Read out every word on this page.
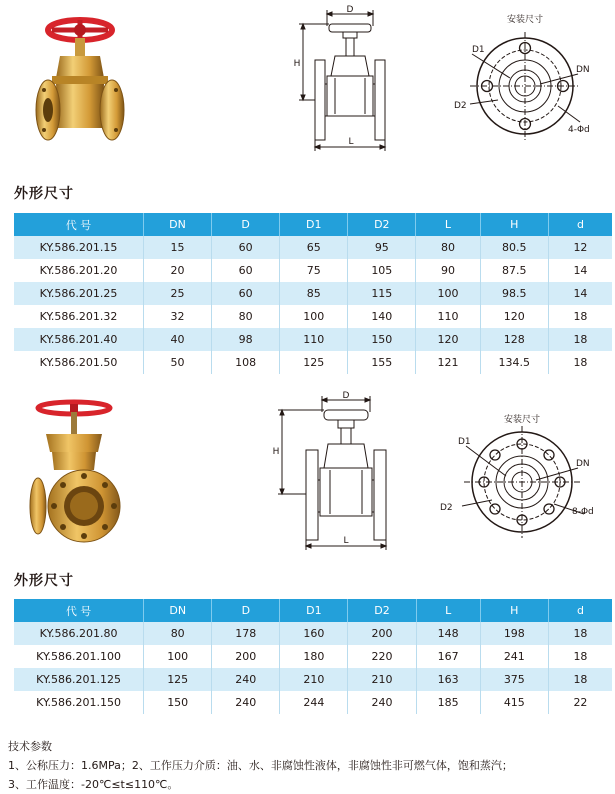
D
H
L
安装尺寸
D1
D2
DN
4-Φd
外形尺寸
代 号	DN	D	D1	D2	L	H	d
KY.586.201.15	15	60	65	95	80	80.5	12
KY.586.201.20	20	60	75	105	90	87.5	14
KY.586.201.25	25	60	85	115	100	98.5	14
KY.586.201.32	32	80	100	140	110	120	18
KY.586.201.40	40	98	110	150	120	128	18
KY.586.201.50	50	108	125	155	121	134.5	18
D
H
L
安装尺寸
D1
D2
DN
8-Φd
外形尺寸
代 号	DN	D	D1	D2	L	H	d
KY.586.201.80	80	178	160	200	148	198	18
KY.586.201.100	100	200	180	220	167	241	18
KY.586.201.125	125	240	210	210	163	375	18
KY.586.201.150	150	240	244	240	185	415	22
技术参数
1、公称压力：1.6MPa；2、工作压力介质：油、水、非腐蚀性液体，非腐蚀性非可燃气体，饱和蒸汽；
3、工作温度：-20℃≤t≤110℃。
